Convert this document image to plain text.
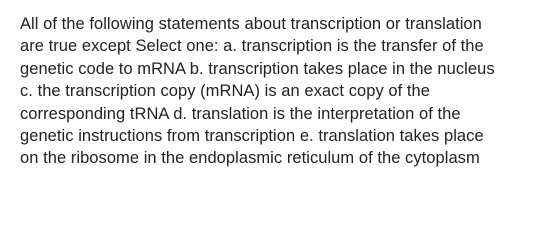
All of the following statements about transcription or translation
are true except Select one: a. transcription is the transfer of the
genetic code to mRNA b. transcription takes place in the nucleus
c. the transcription copy (mRNA) is an exact copy of the
corresponding tRNA d. translation is the interpretation of the
genetic instructions from transcription e. translation takes place
on the ribosome in the endoplasmic reticulum of the cytoplasm
